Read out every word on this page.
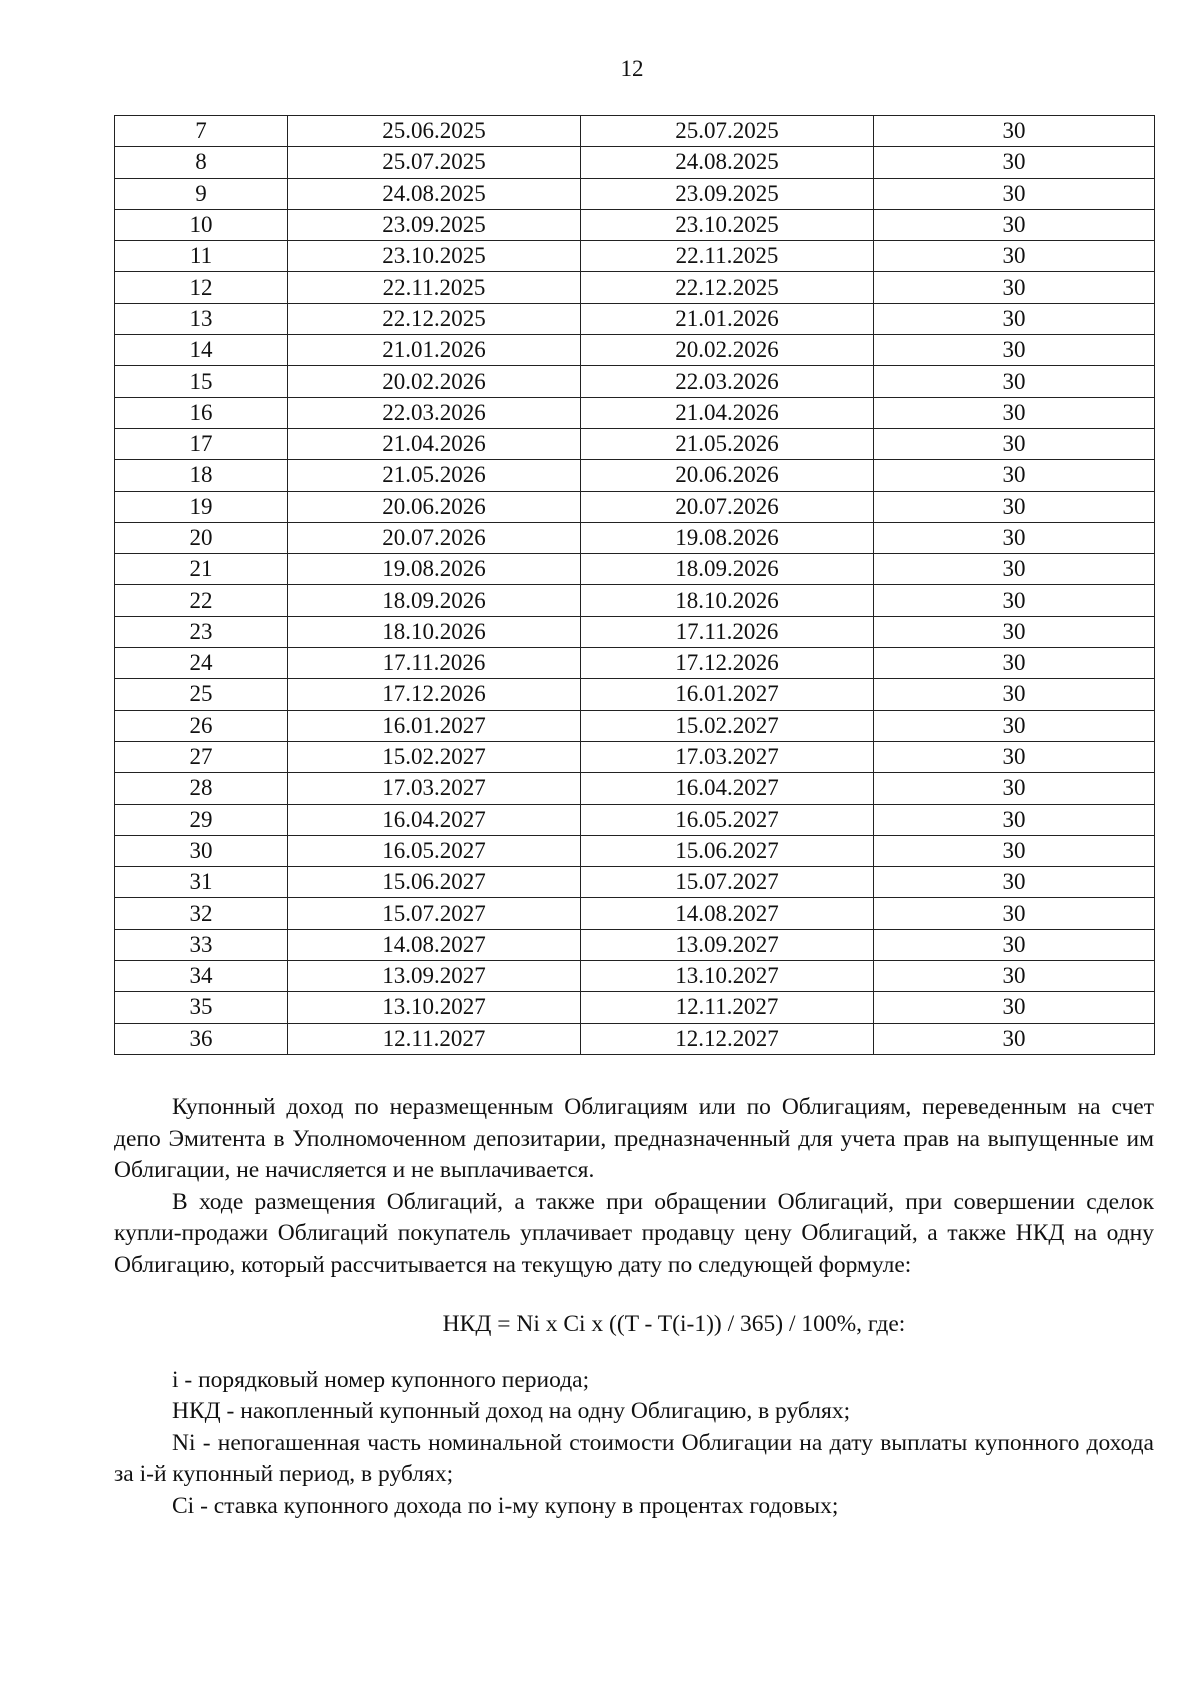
12
7	25.06.2025	25.07.2025	30
8	25.07.2025	24.08.2025	30
9	24.08.2025	23.09.2025	30
10	23.09.2025	23.10.2025	30
11	23.10.2025	22.11.2025	30
12	22.11.2025	22.12.2025	30
13	22.12.2025	21.01.2026	30
14	21.01.2026	20.02.2026	30
15	20.02.2026	22.03.2026	30
16	22.03.2026	21.04.2026	30
17	21.04.2026	21.05.2026	30
18	21.05.2026	20.06.2026	30
19	20.06.2026	20.07.2026	30
20	20.07.2026	19.08.2026	30
21	19.08.2026	18.09.2026	30
22	18.09.2026	18.10.2026	30
23	18.10.2026	17.11.2026	30
24	17.11.2026	17.12.2026	30
25	17.12.2026	16.01.2027	30
26	16.01.2027	15.02.2027	30
27	15.02.2027	17.03.2027	30
28	17.03.2027	16.04.2027	30
29	16.04.2027	16.05.2027	30
30	16.05.2027	15.06.2027	30
31	15.06.2027	15.07.2027	30
32	15.07.2027	14.08.2027	30
33	14.08.2027	13.09.2027	30
34	13.09.2027	13.10.2027	30
35	13.10.2027	12.11.2027	30
36	12.11.2027	12.12.2027	30

Купонный доход по неразмещенным Облигациям или по Облигациям, переведенным на счет депо Эмитента в Уполномоченном депозитарии, предназначенный для учета прав на выпущенные им Облигации, не начисляется и не выплачивается.

В ходе размещения Облигаций, а также при обращении Облигаций, при совершении сделок купли-продажи Облигаций покупатель уплачивает продавцу цену Облигаций, а также НКД на одну Облигацию, который рассчитывается на текущую дату по следующей формуле:

НКД = Ni x Ci x ((T - T(i-1)) / 365) / 100%, где:

i - порядковый номер купонного периода;

НКД - накопленный купонный доход на одну Облигацию, в рублях;

Ni - непогашенная часть номинальной стоимости Облигации на дату выплаты купонного дохода за i-й купонный период, в рублях;

Ci - ставка купонного дохода по i-му купону в процентах годовых;
